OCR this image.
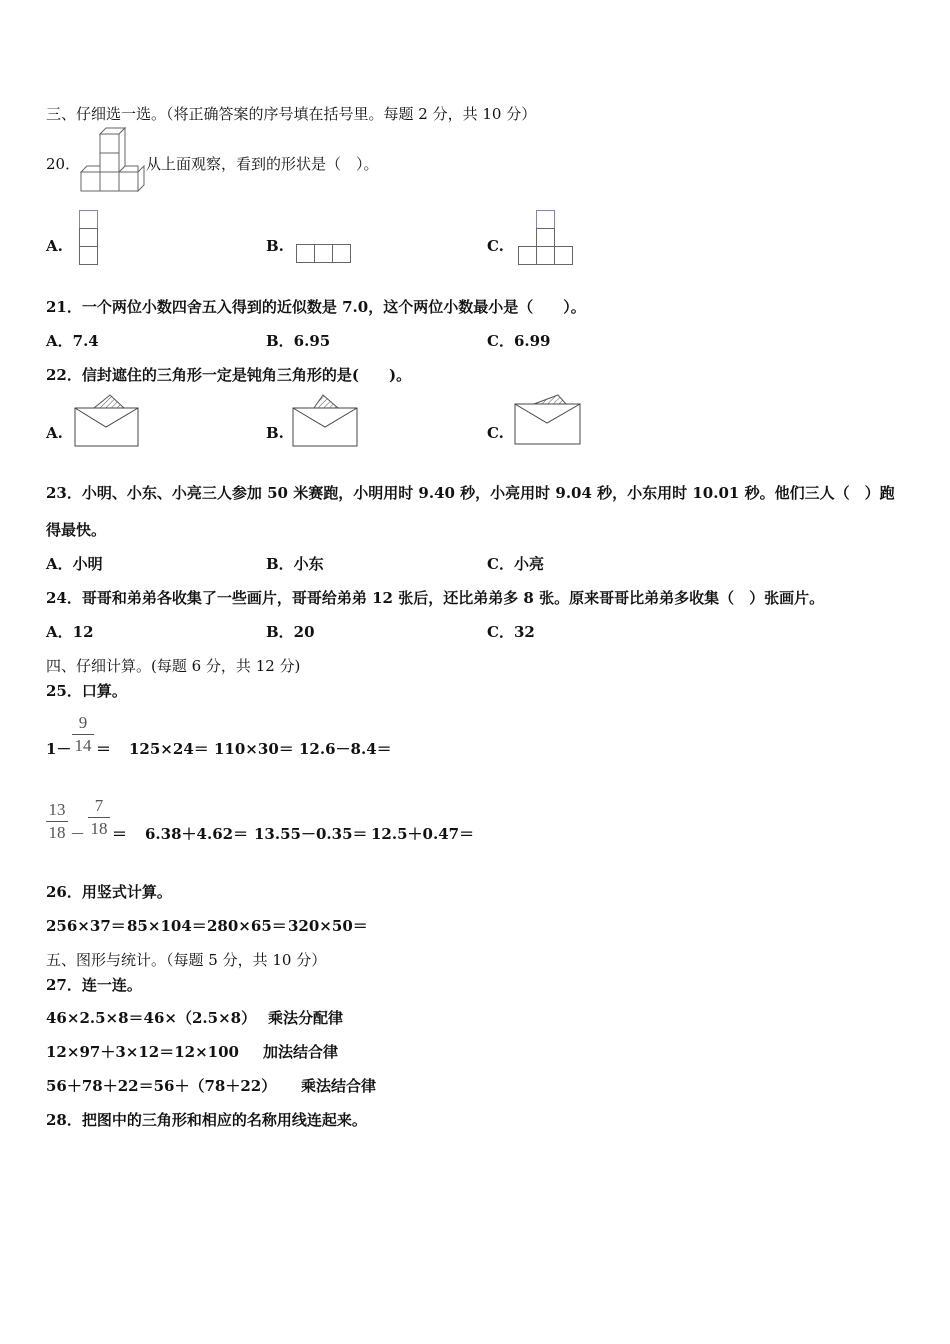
三、仔细选一选。（将正确答案的序号填在括号里。每题 2 分，共 10 分）
20．	从上面观察，看到的形状是（　）。
A.	B.	C.
21．一个两位小数四舍五入得到的近似数是 7.0，这个两位小数最小是（　　）。
A．7.4	B．6.95	C．6.99
22．信封遮住的三角形一定是钝角三角形的是(　　)。
A.	B.	C.
23．小明、小东、小亮三人参加 50 米赛跑，小明用时 9.40 秒，小亮用时 9.04 秒，小东用时 10.01 秒。他们三人（　）跑
得最快。
A．小明	B．小东	C．小亮
24．哥哥和弟弟各收集了一些画片，哥哥给弟弟 12 张后，还比弟弟多 8 张。原来哥哥比弟弟多收集（　）张画片。
A．12	B．20	C．32
四、仔细计算。(每题 6 分，共 12 分)
25．口算。
1－
9
14 ＝ 125×24＝ 110×30＝ 12.6－8.4＝
13
18 －
7
18 ＝ 6.38＋4.62＝ 13.55－0.35＝ 12.5＋0.47＝
26．用竖式计算。
256×37＝ 85×104＝ 280×65＝ 320×50＝
五、图形与统计。（每题 5 分，共 10 分）
27．连一连。
46×2.5×8＝46×（2.5×8） 乘法分配律
12×97＋3×12＝12×100 加法结合律
56＋78＋22＝56＋（78＋22） 乘法结合律
28．把图中的三角形和相应的名称用线连起来。
